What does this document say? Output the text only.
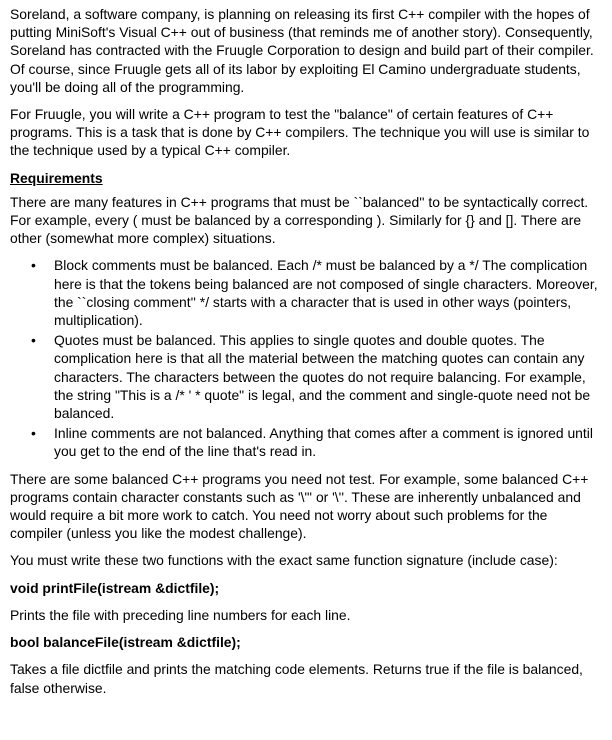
Soreland, a software company, is planning on releasing its first C++ compiler with the hopes of putting MiniSoft's Visual C++ out of business (that reminds me of another story). Consequently, Soreland has contracted with the Fruugle Corporation to design and build part of their compiler. Of course, since Fruugle gets all of its labor by exploiting El Camino undergraduate students, you'll be doing all of the programming.

For Fruugle, you will write a C++ program to test the "balance" of certain features of C++ programs. This is a task that is done by C++ compilers. The technique you will use is similar to the technique used by a typical C++ compiler.

Requirements

There are many features in C++ programs that must be ``balanced'' to be syntactically correct. For example, every ( must be balanced by a corresponding ). Similarly for {} and []. There are other (somewhat more complex) situations.

• Block comments must be balanced. Each /* must be balanced by a */ The complication here is that the tokens being balanced are not composed of single characters. Moreover, the ``closing comment'' */ starts with a character that is used in other ways (pointers, multiplication).
• Quotes must be balanced. This applies to single quotes and double quotes. The complication here is that all the material between the matching quotes can contain any characters. The characters between the quotes do not require balancing. For example, the string "This is a /* ' * quote" is legal, and the comment and single-quote need not be balanced.
• Inline comments are not balanced. Anything that comes after a comment is ignored until you get to the end of the line that's read in.

There are some balanced C++ programs you need not test. For example, some balanced C++ programs contain character constants such as '\"' or '\''. These are inherently unbalanced and would require a bit more work to catch. You need not worry about such problems for the compiler (unless you like the modest challenge).

You must write these two functions with the exact same function signature (include case):

void printFile(istream &dictfile);

Prints the file with preceding line numbers for each line.

bool balanceFile(istream &dictfile);

Takes a file dictfile and prints the matching code elements. Returns true if the file is balanced, false otherwise.
